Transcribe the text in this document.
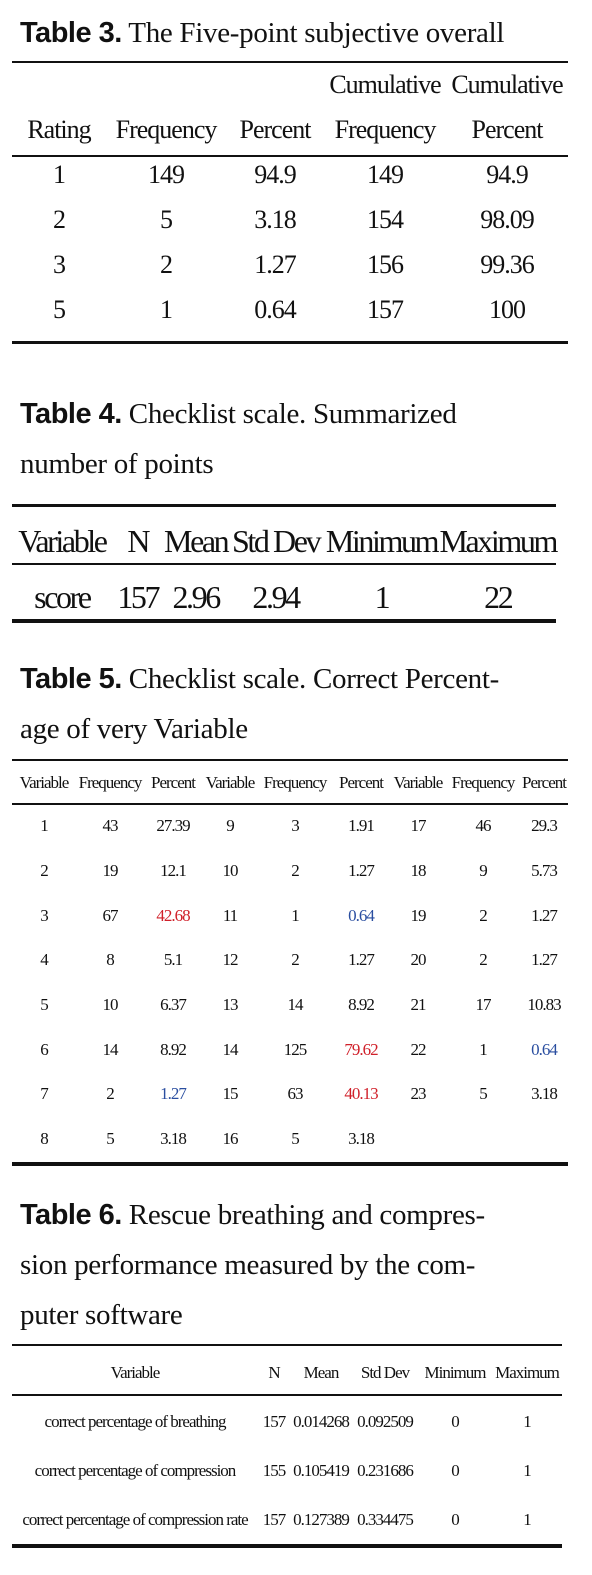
Table 3. The Five-point subjective overall
			Cumulative	Cumulative
Rating	Frequency	Percent	Frequency	Percent
1	149	94.9	149	94.9
2	5	3.18	154	98.09
3	2	1.27	156	99.36
5	1	0.64	157	100
Table 4. Checklist scale. Summarized
number of points
Variable	N	Mean	Std Dev	Minimum	Maximum
score	157	2.96	2.94	1	22
Table 5. Checklist scale. Correct Percent-
age of very Variable
Variable	Frequency	Percent	Variable	Frequency	Percent	Variable	Frequency	Percent
1	43	27.39	9	3	1.91	17	46	29.3
2	19	12.1	10	2	1.27	18	9	5.73
3	67	42.68	11	1	0.64	19	2	1.27
4	8	5.1	12	2	1.27	20	2	1.27
5	10	6.37	13	14	8.92	21	17	10.83
6	14	8.92	14	125	79.62	22	1	0.64
7	2	1.27	15	63	40.13	23	5	3.18
8	5	3.18	16	5	3.18			
Table 6. Rescue breathing and compres-
sion performance measured by the com-
puter software
Variable	N	Mean	Std Dev	Minimum	Maximum
correct percentage of breathing	157	0.014268	0.092509	0	1
correct percentage of compression	155	0.105419	0.231686	0	1
correct percentage of compression rate	157	0.127389	0.334475	0	1
